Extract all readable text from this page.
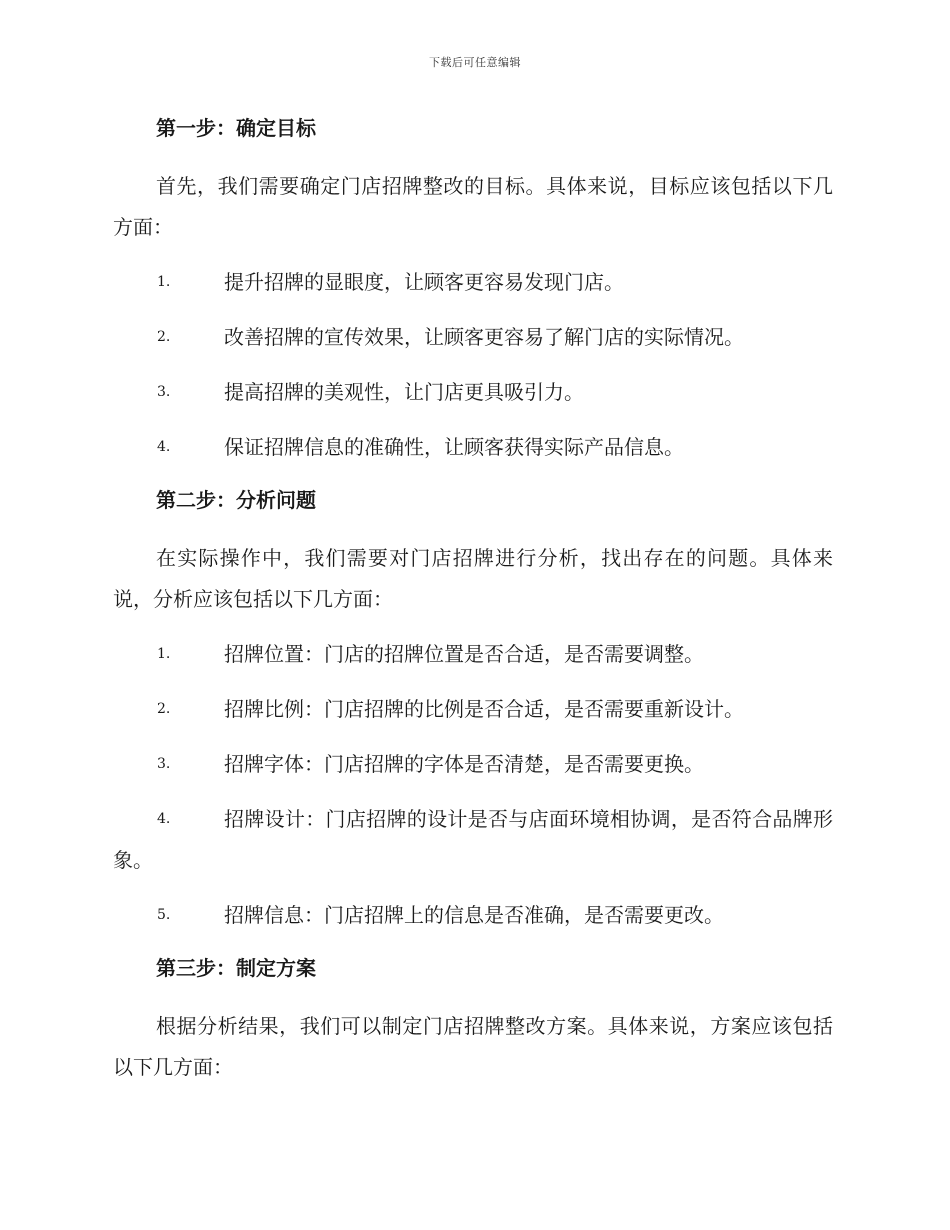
下载后可任意编辑
第一步：确定目标

首先，我们需要确定门店招牌整改的目标。具体来说，目标应该包括以下几方面：

1.	提升招牌的显眼度，让顾客更容易发现门店。
2.	改善招牌的宣传效果，让顾客更容易了解门店的实际情况。
3.	提高招牌的美观性，让门店更具吸引力。
4.	保证招牌信息的准确性，让顾客获得实际产品信息。
第二步：分析问题

在实际操作中，我们需要对门店招牌进行分析，找出存在的问题。具体来说，分析应该包括以下几方面：

1.	招牌位置：门店的招牌位置是否合适，是否需要调整。
2.	招牌比例：门店招牌的比例是否合适，是否需要重新设计。
3.	招牌字体：门店招牌的字体是否清楚，是否需要更换。
4.	招牌设计：门店招牌的设计是否与店面环境相协调，是否符合品牌形象。
5.	招牌信息：门店招牌上的信息是否准确，是否需要更改。
第三步：制定方案

根据分析结果，我们可以制定门店招牌整改方案。具体来说，方案应该包括以下几方面：
